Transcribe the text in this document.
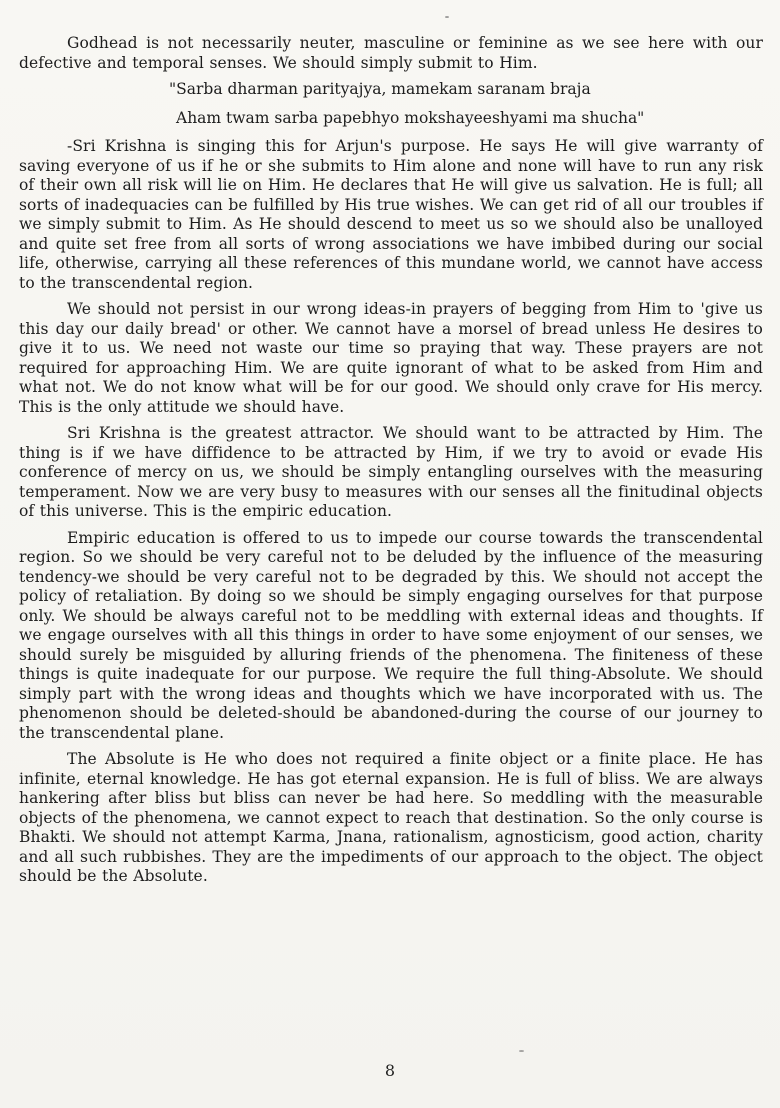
Godhead is not necessarily neuter, masculine or feminine as we see here with our defective and temporal senses. We should simply submit to Him.

"Sarba dharman parityajya, mamekam saranam braja
Aham twam sarba papebhyo mokshayeeshyami ma shucha"

-Sri Krishna is singing this for Arjun's purpose. He says He will give warranty of saving everyone of us if he or she submits to Him alone and none will have to run any risk of their own all risk will lie on Him. He declares that He will give us salvation. He is full; all sorts of inadequacies can be fulfilled by His true wishes. We can get rid of all our troubles if we simply submit to Him. As He should descend to meet us so we should also be unalloyed and quite set free from all sorts of wrong associations we have imbibed during our social life, otherwise, carrying all these references of this mundane world, we cannot have access to the transcendental region.

We should not persist in our wrong ideas-in prayers of begging from Him to 'give us this day our daily bread' or other. We cannot have a morsel of bread unless He desires to give it to us. We need not waste our time so praying that way. These prayers are not required for approaching Him. We are quite ignorant of what to be asked from Him and what not. We do not know what will be for our good. We should only crave for His mercy. This is the only attitude we should have.

Sri Krishna is the greatest attractor. We should want to be attracted by Him. The thing is if we have diffidence to be attracted by Him, if we try to avoid or evade His conference of mercy on us, we should be simply entangling ourselves with the measuring temperament. Now we are very busy to measures with our senses all the finitudinal objects of this universe. This is the empiric education.

Empiric education is offered to us to impede our course towards the transcendental region. So we should be very careful not to be deluded by the influence of the measuring tendency-we should be very careful not to be degraded by this. We should not accept the policy of retaliation. By doing so we should be simply engaging ourselves for that purpose only. We should be always careful not to be meddling with external ideas and thoughts. If we engage ourselves with all this things in order to have some enjoyment of our senses, we should surely be misguided by alluring friends of the phenomena. The finiteness of these things is quite inadequate for our purpose. We require the full thing-Absolute. We should simply part with the wrong ideas and thoughts which we have incorporated with us. The phenomenon should be deleted-should be abandoned-during the course of our journey to the transcendental plane.

The Absolute is He who does not required a finite object or a finite place. He has infinite, eternal knowledge. He has got eternal expansion. He is full of bliss. We are always hankering after bliss but bliss can never be had here. So meddling with the measurable objects of the phenomena, we cannot expect to reach that destination. So the only course is Bhakti. We should not attempt Karma, Jnana, rationalism, agnosticism, good action, charity and all such rubbishes. They are the impediments of our approach to the object. The object should be the Absolute.

8
